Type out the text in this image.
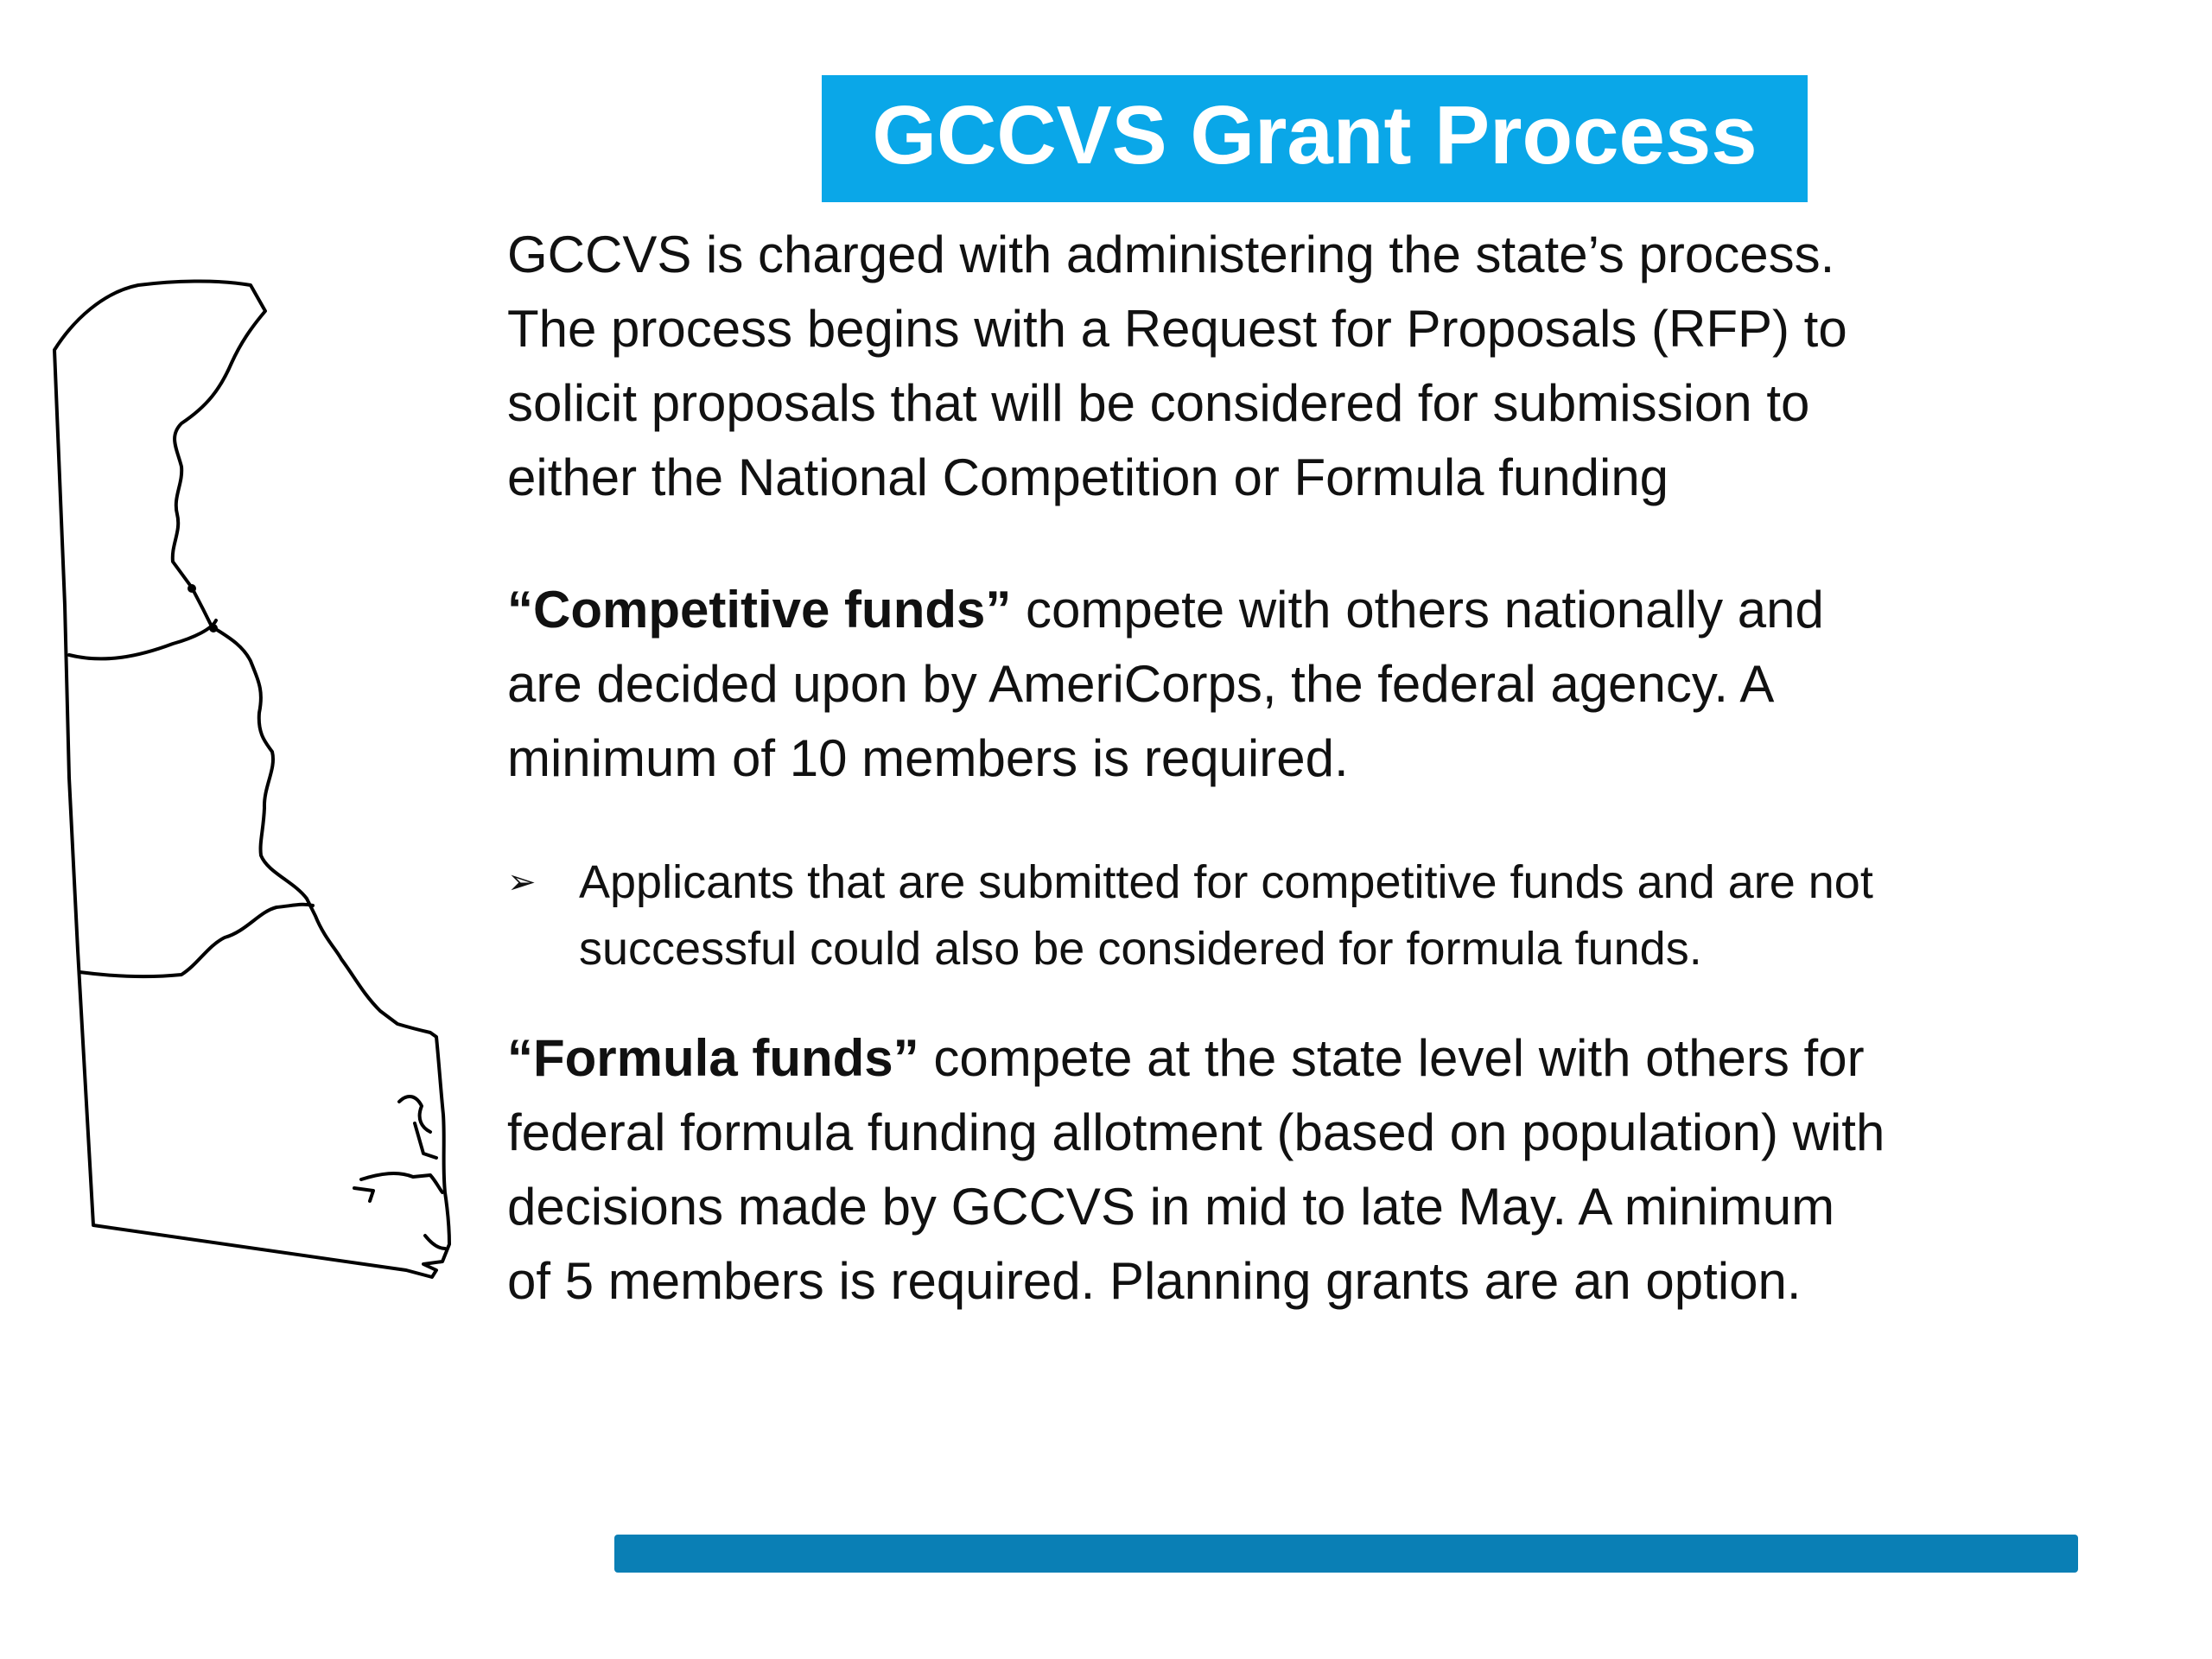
GCCVS Grant Process

GCCVS is charged with administering the state’s process.
The process begins with a Request for Proposals (RFP) to
solicit proposals that will be considered for submission to
either the National Competition or Formula funding

“Competitive funds” compete with others nationally and
are decided upon by AmeriCorps, the federal agency. A
minimum of 10 members is required.

➢ Applicants that are submitted for competitive funds and are not
successful could also be considered for formula funds.

“Formula funds” compete at the state level with others for
federal formula funding allotment (based on population) with
decisions made by GCCVS in mid to late May. A minimum
of 5 members is required. Planning grants are an option.
